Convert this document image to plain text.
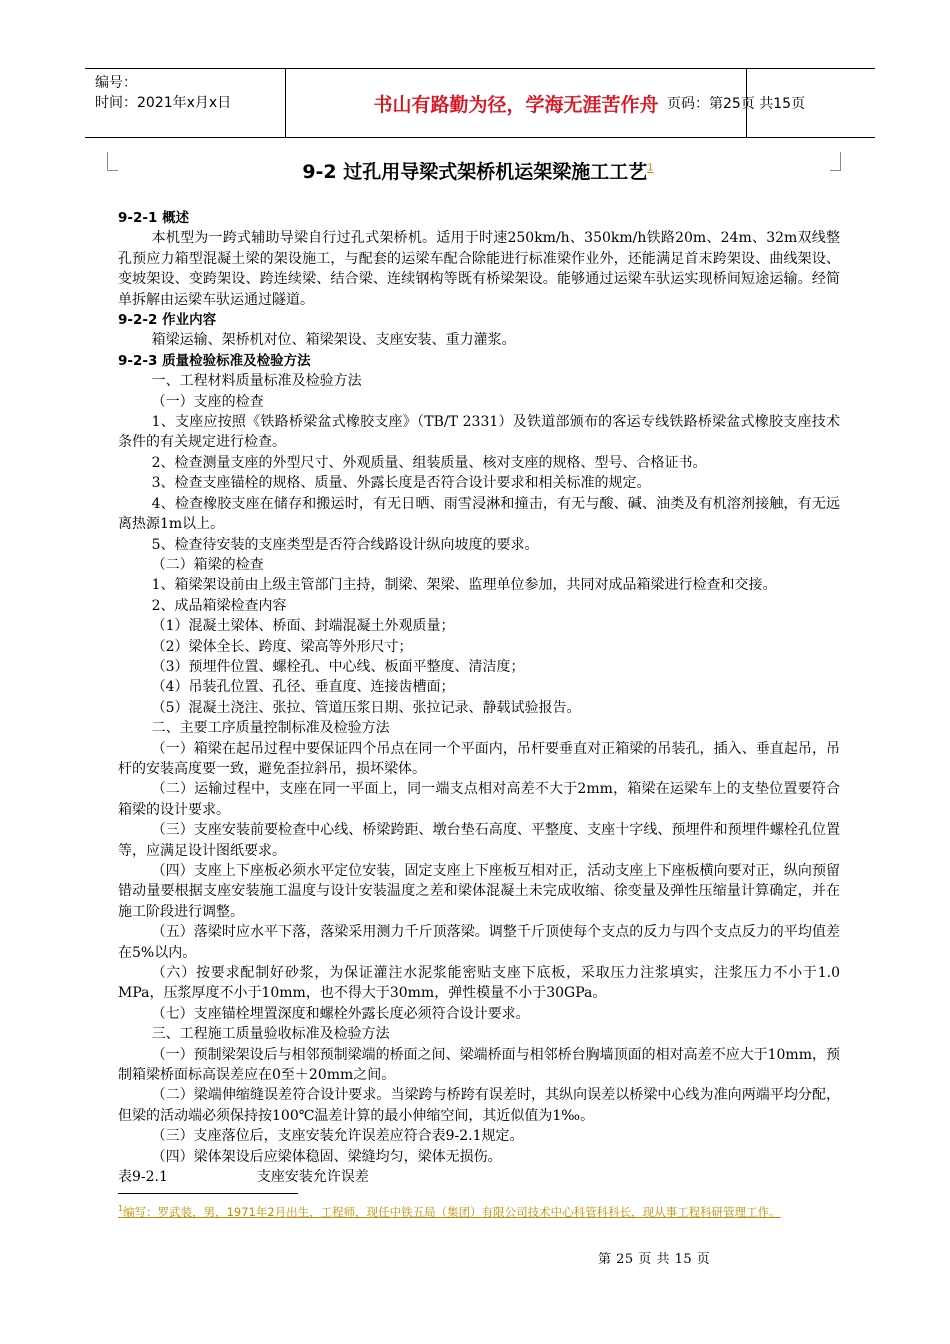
编号：
时间：2021年x月x日	书山有路勤为径，学海无涯苦作舟 页码：第25页 共15页
9-2 过孔用导梁式架桥机运架梁施工工艺$^1$

9-2-1 概述

本机型为一跨式辅助导梁自行过孔式架桥机。适用于时速250km/h、350km/h铁路20m、24m、32m双线整孔预应力箱型混凝土梁的架设施工，与配套的运梁车配合除能进行标准梁作业外，还能满足首末跨架设、曲线架设、变坡架设、变跨架设、跨连续梁、结合梁、连续钢构等既有桥梁架设。能够通过运梁车驮运实现桥间短途运输。经简单拆解由运梁车驮运通过隧道。

9-2-2 作业内容

箱梁运输、架桥机对位、箱梁架设、支座安装、重力灌浆。

9-2-3 质量检验标准及检验方法

一、工程材料质量标准及检验方法

（一）支座的检查

1、支座应按照《铁路桥梁盆式橡胶支座》（TB/T 2331）及铁道部颁布的客运专线铁路桥梁盆式橡胶支座技术条件的有关规定进行检查。

2、检查测量支座的外型尺寸、外观质量、组装质量、核对支座的规格、型号、合格证书。

3、检查支座锚栓的规格、质量、外露长度是否符合设计要求和相关标准的规定。

4、检查橡胶支座在储存和搬运时，有无日晒、雨雪浸淋和撞击，有无与酸、碱、油类及有机溶剂接触，有无远离热源1m以上。

5、检查待安装的支座类型是否符合线路设计纵向坡度的要求。

（二）箱梁的检查

1、箱梁架设前由上级主管部门主持，制梁、架梁、监理单位参加，共同对成品箱梁进行检查和交接。

2、成品箱梁检查内容

（1）混凝土梁体、桥面、封端混凝土外观质量；

（2）梁体全长、跨度、梁高等外形尺寸；

（3）预埋件位置、螺栓孔、中心线、板面平整度、清洁度；

（4）吊装孔位置、孔径、垂直度、连接齿槽面；

（5）混凝土浇注、张拉、管道压浆日期、张拉记录、静载试验报告。

二、主要工序质量控制标准及检验方法

（一）箱梁在起吊过程中要保证四个吊点在同一个平面内，吊杆要垂直对正箱梁的吊装孔，插入、垂直起吊，吊杆的安装高度要一致，避免歪拉斜吊，损坏梁体。

（二）运输过程中，支座在同一平面上，同一端支点相对高差不大于2mm，箱梁在运梁车上的支垫位置要符合箱梁的设计要求。

（三）支座安装前要检查中心线、桥梁跨距、墩台垫石高度、平整度、支座十字线、预埋件和预埋件螺栓孔位置等，应满足设计图纸要求。

（四）支座上下座板必须水平定位安装，固定支座上下座板互相对正，活动支座上下座板横向要对正，纵向预留错动量要根据支座安装施工温度与设计安装温度之差和梁体混凝土未完成收缩、徐变量及弹性压缩量计算确定，并在施工阶段进行调整。

（五）落梁时应水平下落，落梁采用测力千斤顶落梁。调整千斤顶使每个支点的反力与四个支点反力的平均值差在5%以内。

（六）按要求配制好砂浆，为保证灌注水泥浆能密贴支座下底板，采取压力注浆填实，注浆压力不小于1.0 MPa，压浆厚度不小于10mm，也不得大于30mm，弹性模量不小于30GPa。

（七）支座锚栓埋置深度和螺栓外露长度必须符合设计要求。

三、工程施工质量验收标准及检验方法

（一）预制梁架设后与相邻预制梁端的桥面之间、梁端桥面与相邻桥台胸墙顶面的相对高差不应大于10mm，预制箱梁桥面标高误差应在0至＋20mm之间。

（二）梁端伸缩缝误差符合设计要求。当梁跨与桥跨有误差时，其纵向误差以桥梁中心线为准向两端平均分配，但梁的活动端必须保持按100℃温差计算的最小伸缩空间，其近似值为1‰。

（三）支座落位后，支座安装允许误差应符合表9-2.1规定。

（四）梁体架设后应梁体稳固、梁缝均匀，梁体无损伤。

表9-2.1                    支座安装允许误差

$^1$编写：罗武装，男，1971年2月出生，工程师，现任中铁五局（集团）有限公司技术中心科管科科长，现从事工程科研管理工作。
第 25 页 共 15 页
